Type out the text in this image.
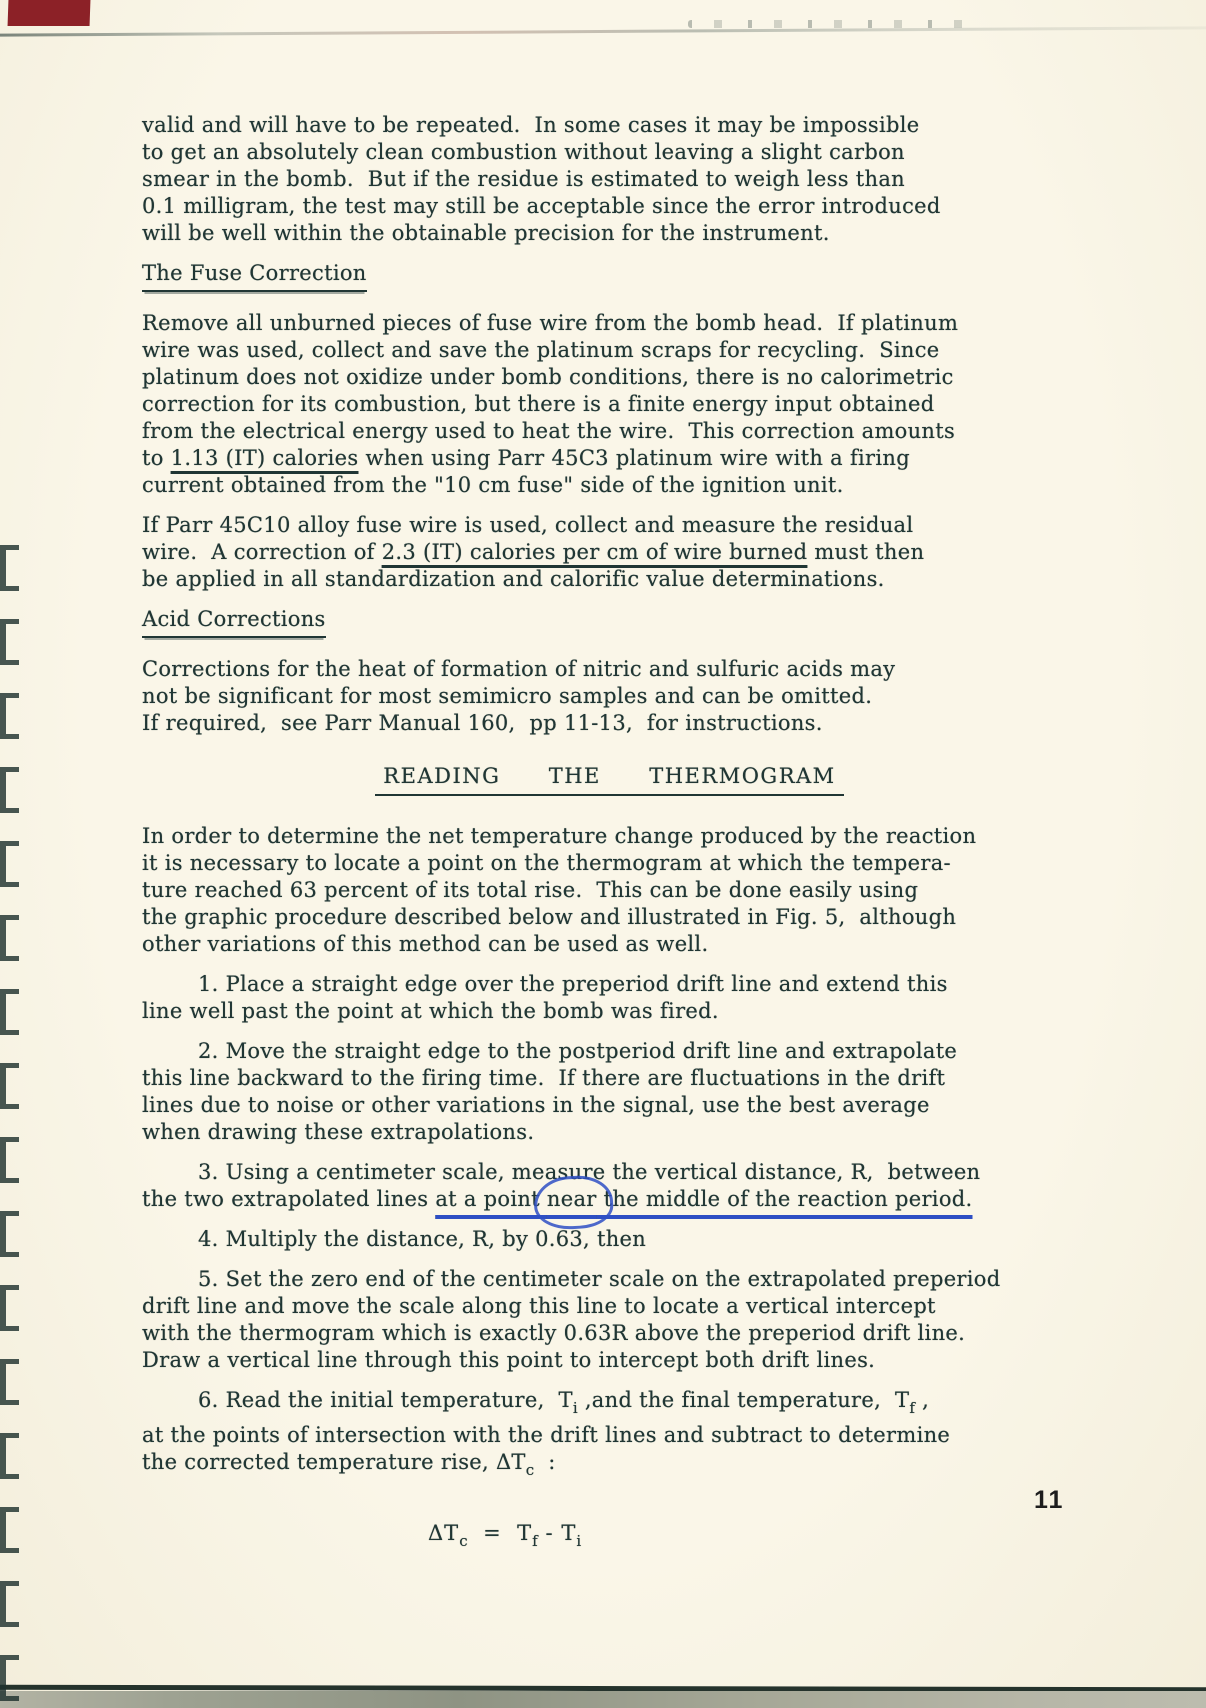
valid and will have to be repeated.  In some cases it may be impossible
to get an absolutely clean combustion without leaving a slight carbon
smear in the bomb.  But if the residue is estimated to weigh less than
0.1 milligram, the test may still be acceptable since the error introduced
will be well within the obtainable precision for the instrument.
The Fuse Correction
Remove all unburned pieces of fuse wire from the bomb head.  If platinum
wire was used, collect and save the platinum scraps for recycling.  Since
platinum does not oxidize under bomb conditions, there is no calorimetric
correction for its combustion, but there is a finite energy input obtained
from the electrical energy used to heat the wire.  This correction amounts
to 1.13 (IT) calories when using Parr 45C3 platinum wire with a firing
current obtained from the "10 cm fuse" side of the ignition unit.
If Parr 45C10 alloy fuse wire is used, collect and measure the residual
wire.  A correction of 2.3 (IT) calories per cm of wire burned must then
be applied in all standardization and calorific value determinations.
Acid Corrections
Corrections for the heat of formation of nitric and sulfuric acids may
not be significant for most semimicro samples and can be omitted.
If required,  see Parr Manual 160,  pp 11-13,  for instructions.
READING  THE  THERMOGRAM
In order to determine the net temperature change produced by the reaction
it is necessary to locate a point on the thermogram at which the tempera-
ture reached 63 percent of its total rise.  This can be done easily using
the graphic procedure described below and illustrated in Fig. 5,  although
other variations of this method can be used as well.
1. Place a straight edge over the preperiod drift line and extend this
line well past the point at which the bomb was fired.
2. Move the straight edge to the postperiod drift line and extrapolate
this line backward to the firing time.  If there are fluctuations in the drift
lines due to noise or other variations in the signal, use the best average
when drawing these extrapolations.
3. Using a centimeter scale, measure the vertical distance, R,  between
the two extrapolated lines at a point near the middle of the reaction period.
4. Multiply the distance, R, by 0.63, then
5. Set the zero end of the centimeter scale on the extrapolated preperiod
drift line and move the scale along this line to locate a vertical intercept
with the thermogram which is exactly 0.63R above the preperiod drift line.
Draw a vertical line through this point to intercept both drift lines.
6. Read the initial temperature,  $T_i$ ,and the final temperature,  $T_f$ ,
at the points of intersection with the drift lines and subtract to determine
the corrected temperature rise, $\Delta T_c$  :
$\Delta T_c = T_f - T_i$
11
